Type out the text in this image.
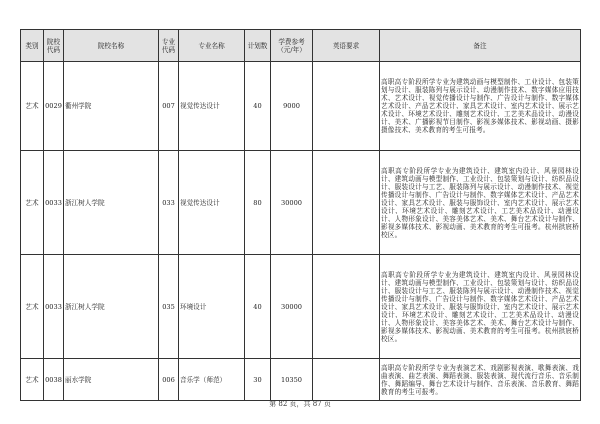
类别	院校代码	院校名称	专业代码	专业名称	计划数	学费参考（元/年）	英语要求	备注
艺术	0029	衢州学院	007	视觉传达设计	40	9000		高职高专阶段所学专业为建筑动画与模型制作、工业设计、包装策划与设计、服装陈列与展示设计、动漫制作技术、数字媒体应用技术、艺术设计、视觉传播设计与制作、广告设计与制作、数字媒体艺术设计、产品艺术设计、家具艺术设计、室内艺术设计、展示艺术设计、环境艺术设计、雕刻艺术设计、工艺美术品设计、动漫设计、美术、广播影视节目制作、影视多媒体技术、影视动画、摄影摄像技术、美术教育的考生可报考。
艺术	0033	浙江树人学院	033	视觉传达设计	80	30000		高职高专阶段所学专业为建筑设计、建筑室内设计、风景园林设计、建筑动画与模型制作、工业设计、包装策划与设计、纺织品设计、服装设计与工艺、服装陈列与展示设计、动漫制作技术、视觉传播设计与制作、广告设计与制作、数字媒体艺术设计、产品艺术设计、家具艺术设计、服装与服饰设计、室内艺术设计、展示艺术设计、环境艺术设计、雕刻艺术设计、工艺美术品设计、动漫设计、人物形象设计、美容美体艺术、美术、舞台艺术设计与制作、影视多媒体技术、影视动画、美术教育的考生可报考。杭州拱宸桥校区。
艺术	0033	浙江树人学院	035	环境设计	40	30000		高职高专阶段所学专业为建筑设计、建筑室内设计、风景园林设计、建筑动画与模型制作、工业设计、包装策划与设计、纺织品设计、服装设计与工艺、服装陈列与展示设计、动漫制作技术、视觉传播设计与制作、广告设计与制作、数字媒体艺术设计、产品艺术设计、家具艺术设计、服装与服饰设计、室内艺术设计、展示艺术设计、环境艺术设计、雕刻艺术设计、工艺美术品设计、动漫设计、人物形象设计、美容美体艺术、美术、舞台艺术设计与制作、影视多媒体技术、影视动画、美术教育的考生可报考。杭州拱宸桥校区。
艺术	0038	丽水学院	006	音乐学（师范）	30	10350		高职高专阶段所学专业为表演艺术、戏剧影视表演、歌舞表演、戏曲表演、曲艺表演、舞蹈表演、服装表演、现代流行音乐、音乐制作、舞蹈编导、舞台艺术设计与制作、音乐表演、音乐教育、舞蹈教育的考生可报考。
第 82 页，共 87 页
